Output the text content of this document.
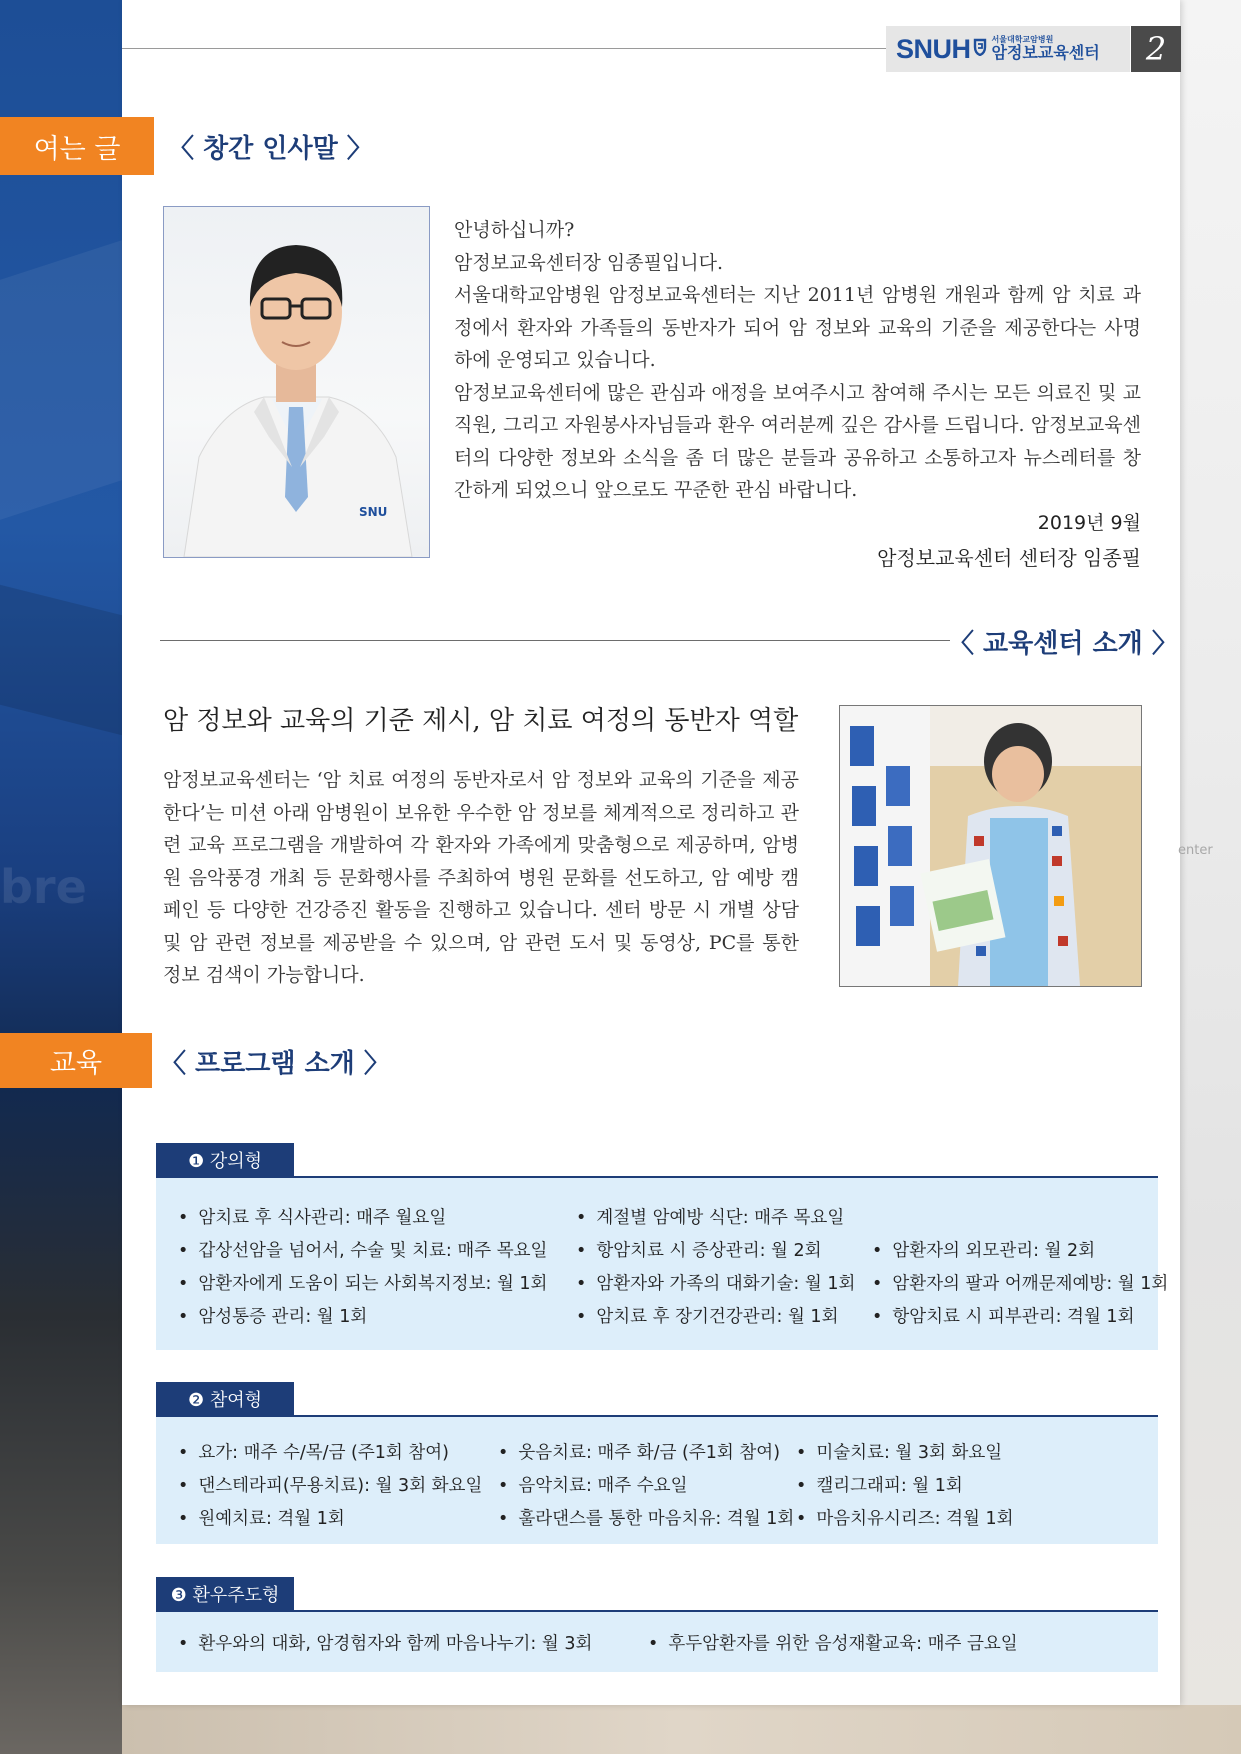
bre
enter
SNUH	서울대학교암병원
암정보교육센터	2
여는 글	〈 창간 인사말 〉
SNU

안녕하십니까?

암정보교육센터장 임종필입니다.

서울대학교암병원 암정보교육센터는 지난 2011년 암병원 개원과 함께 암 치료 과정에서 환자와 가족들의 동반자가 되어 암 정보와 교육의 기준을 제공한다는 사명 하에 운영되고 있습니다.

암정보교육센터에 많은 관심과 애정을 보여주시고 참여해 주시는 모든 의료진 및 교직원, 그리고 자원봉사자님들과 환우 여러분께 깊은 감사를 드립니다. 암정보교육센터의 다양한 정보와 소식을 좀 더 많은 분들과 공유하고 소통하고자 뉴스레터를 창간하게 되었으니 앞으로도 꾸준한 관심 바랍니다.

2019년 9월
암정보교육센터 센터장 임종필
〈 교육센터 소개 〉
암 정보와 교육의 기준 제시, 암 치료 여정의 동반자 역할
암정보교육센터는 ‘암 치료 여정의 동반자로서 암 정보와 교육의 기준을 제공한다’는 미션 아래 암병원이 보유한 우수한 암 정보를 체계적으로 정리하고 관련 교육 프로그램을 개발하여 각 환자와 가족에게 맞춤형으로 제공하며, 암병원 음악풍경 개최 등 문화행사를 주최하여 병원 문화를 선도하고, 암 예방 캠페인 등 다양한 건강증진 활동을 진행하고 있습니다. 센터 방문 시 개별 상담 및 암 관련 정보를 제공받을 수 있으며, 암 관련 도서 및 동영상, PC를 통한 정보 검색이 가능합니다.
교육	〈 프로그램 소개 〉
❶ 강의형
• 암치료 후 식사관리: 매주 월요일	• 계절별 암예방 식단: 매주 목요일
• 갑상선암을 넘어서, 수술 및 치료: 매주 목요일	• 항암치료 시 증상관리: 월 2회	• 암환자의 외모관리: 월 2회
• 암환자에게 도움이 되는 사회복지정보: 월 1회	• 암환자와 가족의 대화기술: 월 1회	• 암환자의 팔과 어깨문제예방: 월 1회
• 암성통증 관리: 월 1회	• 암치료 후 장기건강관리: 월 1회	• 항암치료 시 피부관리: 격월 1회
❷ 참여형
• 요가: 매주 수/목/금 (주1회 참여)	• 웃음치료: 매주 화/금 (주1회 참여)	• 미술치료: 월 3회 화요일
• 댄스테라피(무용치료): 월 3회 화요일	• 음악치료: 매주 수요일	• 캘리그래피: 월 1회
• 원예치료: 격월 1회	• 훌라댄스를 통한 마음치유: 격월 1회	• 마음치유시리즈: 격월 1회
❸ 환우주도형
• 환우와의 대화, 암경험자와 함께 마음나누기: 월 3회	• 후두암환자를 위한 음성재활교육: 매주 금요일
